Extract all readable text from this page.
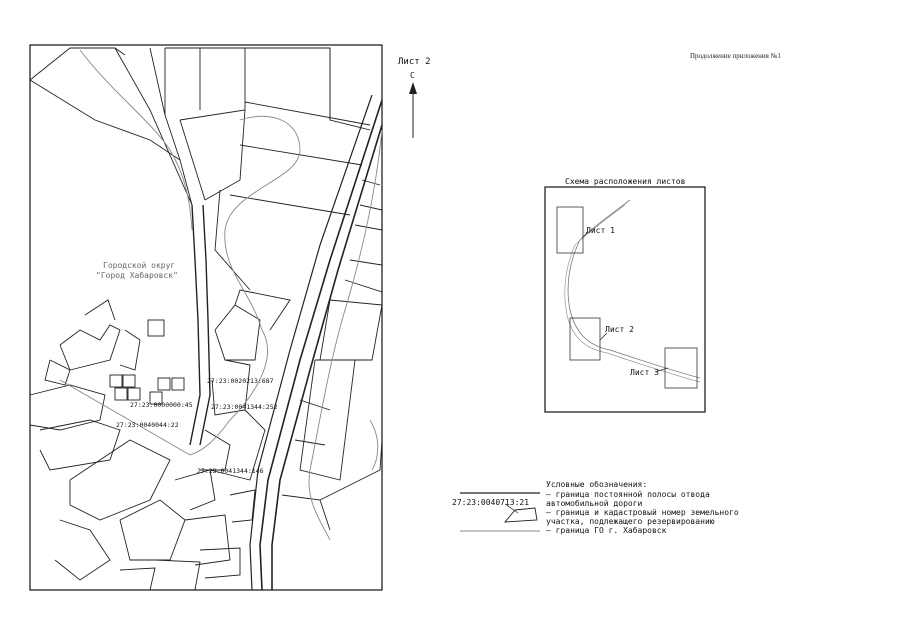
27:23:0020213:687
27:23:0000000:45	27:23:0041344:252
27:23:0040044:22
27:23:0041344:146
Городской округ
"Город Хабаровск"
Лист 2
С
Продолжение приложения №1
Схема расположения листов
Лист 1
Лист 2
Лист 3
Условные обозначения:
– граница постоянной полосы отвода
автомобильной дороги
– граница и кадастровый номер земельного
участка, подлежащего резервированию
– граница ГО г. Хабаровск
27:23:0040713:21
